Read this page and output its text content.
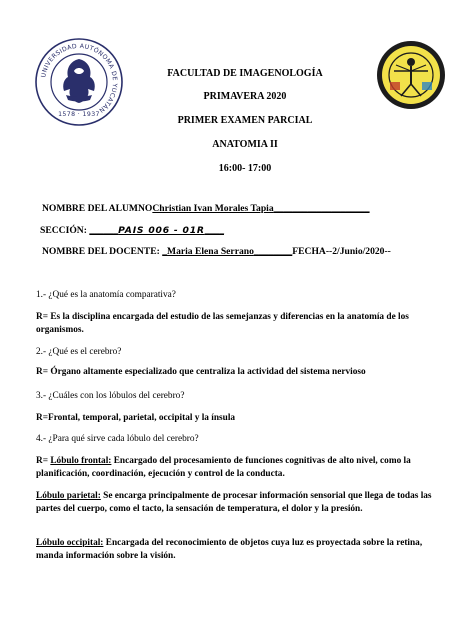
UNIVERSIDAD AUTÓNOMA DE YUCATÁN
1578 · 1937
FACULTAD DE IMAGENOLOGÍA
PRIMAVERA 2020
PRIMER EXAMEN PARCIAL
ANATOMIA II
16:00- 17:00
NOMBRE DEL ALUMNOChristian Ivan Morales Tapia____________________
SECCIÓN: ______PAIS 006 - 01R____
NOMBRE DEL DOCENTE: _Maria Elena Serrano________FECHA--2/Junio/2020--
1.- ¿Qué es la anatomía comparativa?
R= Es la disciplina encargada del estudio de las semejanzas y diferencias en la anatomía de los organismos.
2.- ¿Qué es el cerebro?
R= Órgano altamente especializado que centraliza la actividad del sistema nervioso
3.- ¿Cuáles con los lóbulos del cerebro?
R=Frontal, temporal, parietal, occipital y la ínsula
4.- ¿Para qué sirve cada lóbulo del cerebro?
R= Lóbulo frontal: Encargado del procesamiento de funciones cognitivas de alto nivel, como la planificación, coordinación, ejecución y control de la conducta.
Lóbulo parietal: Se encarga principalmente de procesar información sensorial que llega de todas las partes del cuerpo, como el tacto, la sensación de temperatura, el dolor y la presión.
Lóbulo occipital: Encargada del reconocimiento de objetos cuya luz es proyectada sobre la retina, manda información sobre la visión.
